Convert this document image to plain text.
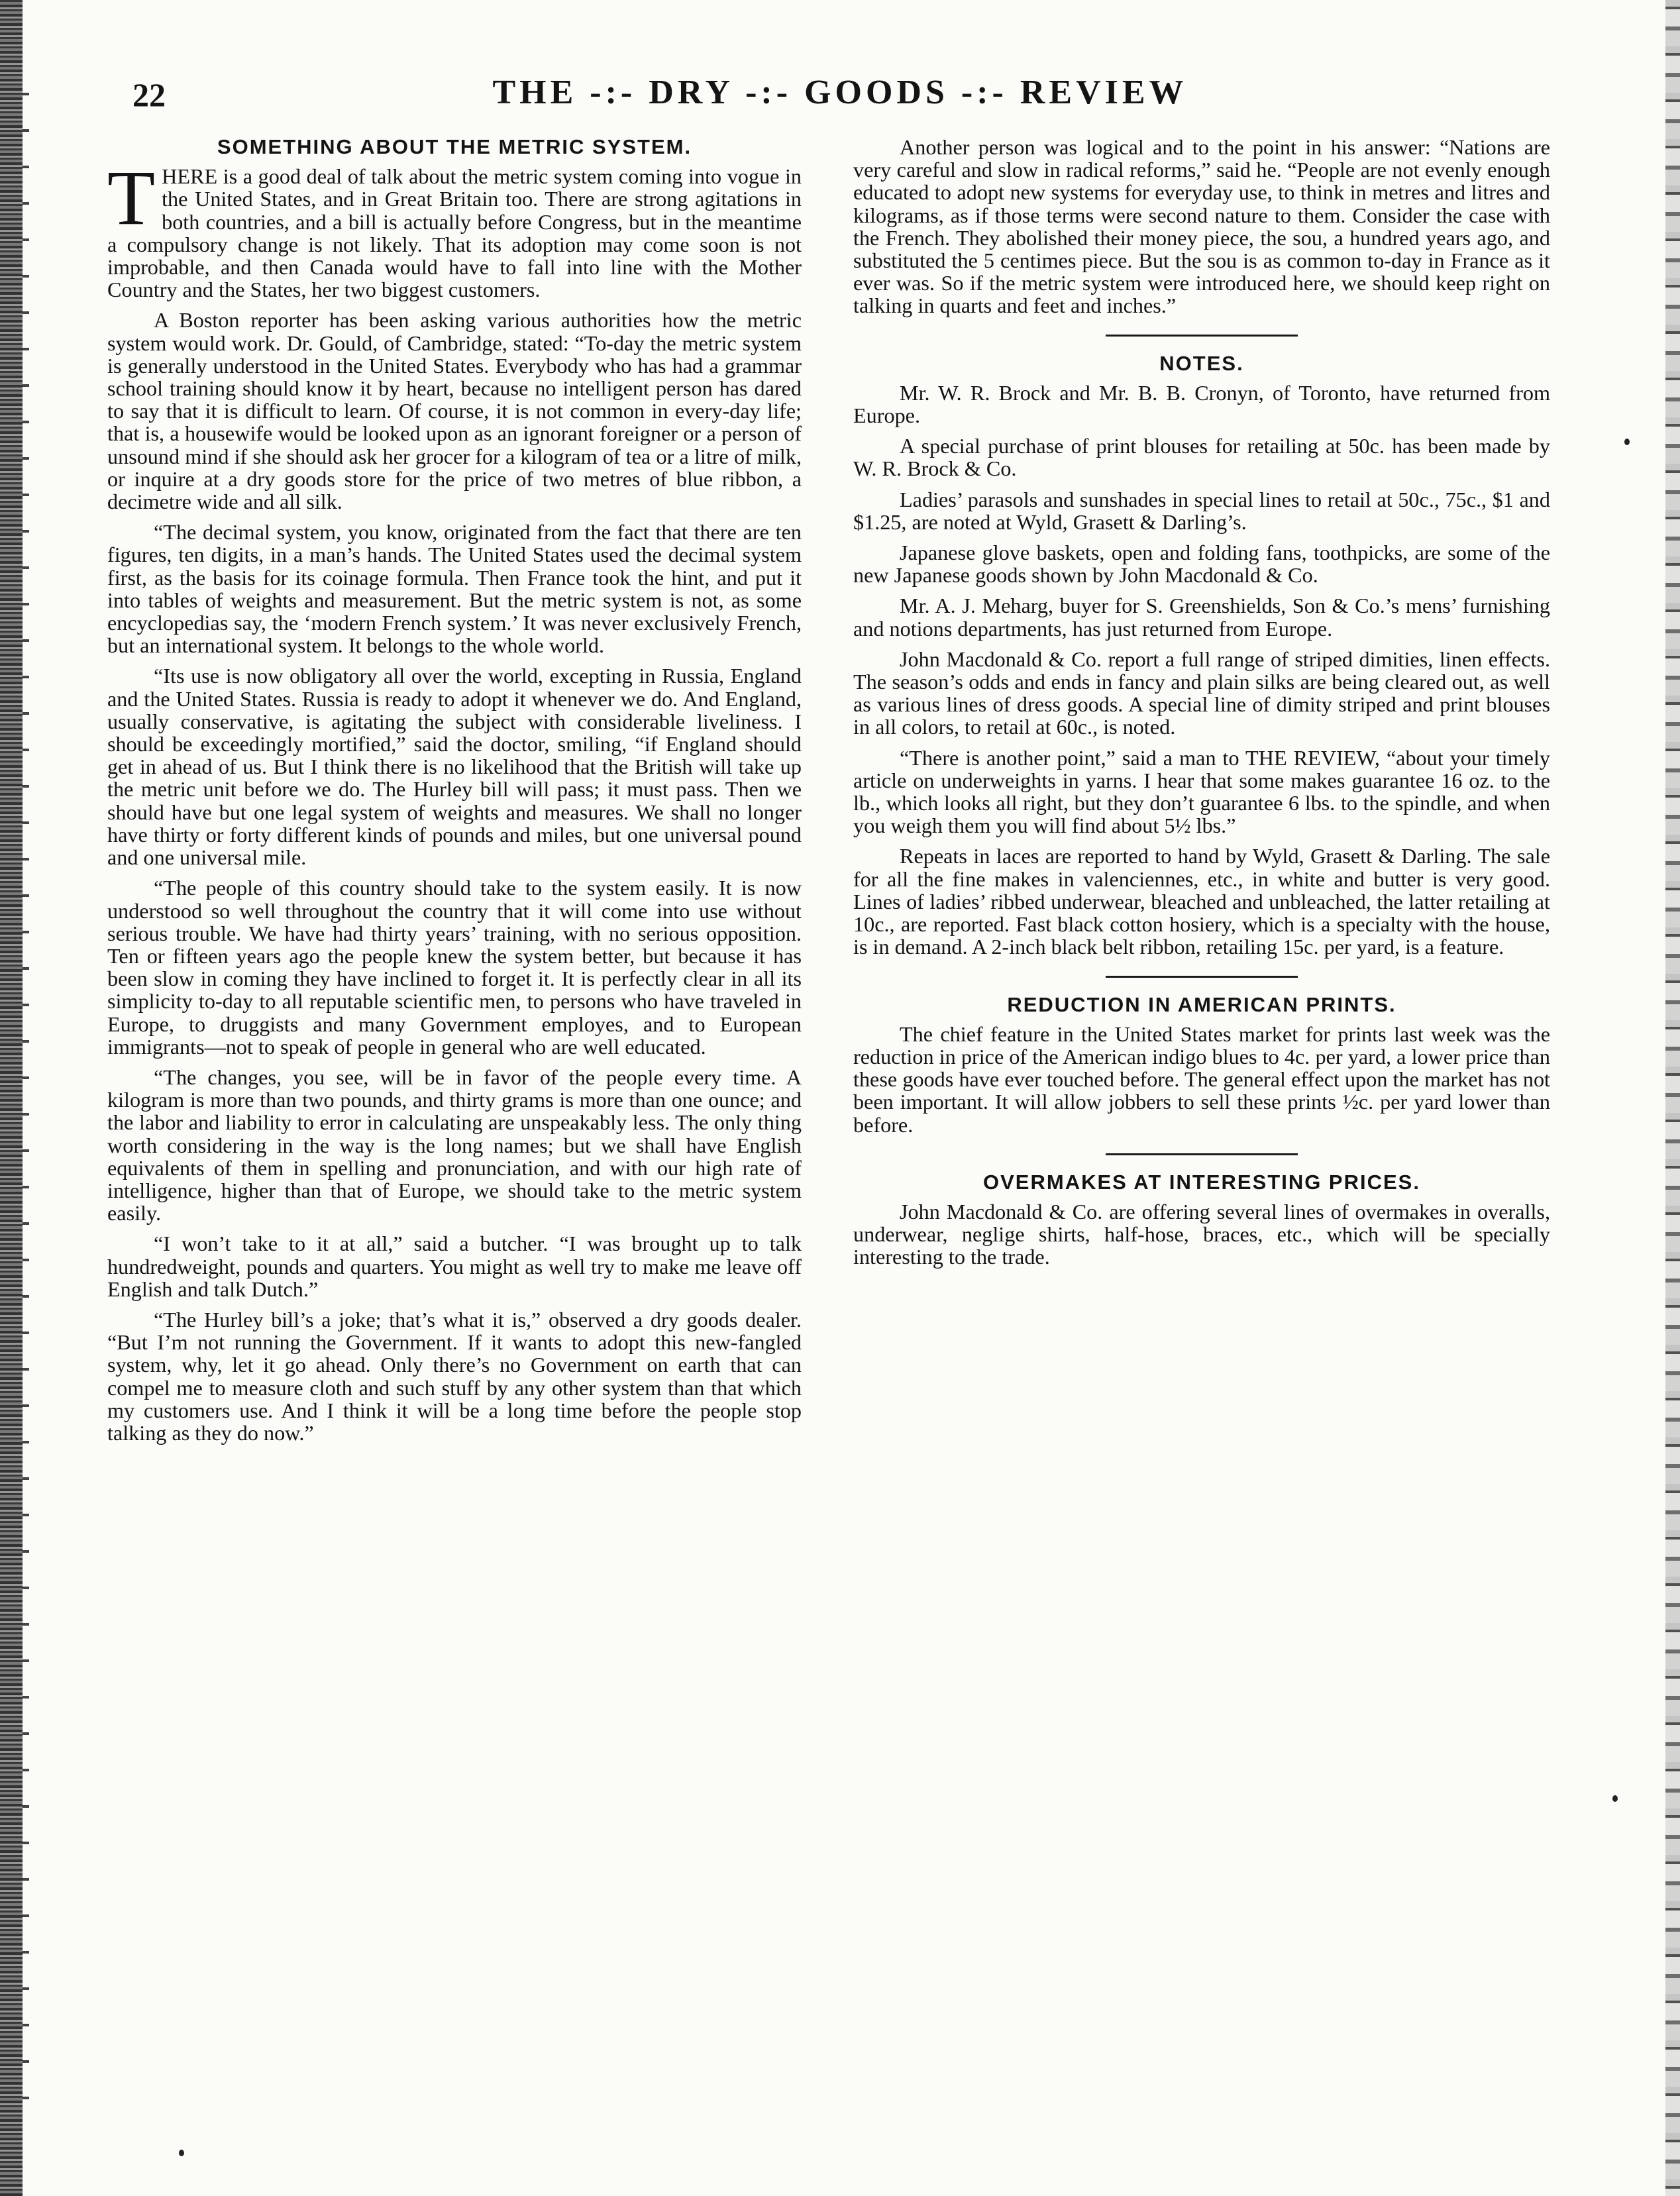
22	THE -:- DRY -:- GOODS -:- REVIEW
SOMETHING ABOUT THE METRIC SYSTEM.

THERE is a good deal of talk about the metric system coming into vogue in the United States, and in Great Britain too. There are strong agitations in both countries, and a bill is actually before Congress, but in the meantime a compulsory change is not likely. That its adoption may come soon is not improbable, and then Canada would have to fall into line with the Mother Country and the States, her two biggest customers.

A Boston reporter has been asking various authorities how the metric system would work. Dr. Gould, of Cambridge, stated: “To-day the metric system is generally understood in the United States. Everybody who has had a grammar school training should know it by heart, because no intelligent person has dared to say that it is difficult to learn. Of course, it is not common in every-day life; that is, a housewife would be looked upon as an ignorant foreigner or a person of unsound mind if she should ask her grocer for a kilogram of tea or a litre of milk, or inquire at a dry goods store for the price of two metres of blue ribbon, a decimetre wide and all silk.

“The decimal system, you know, originated from the fact that there are ten figures, ten digits, in a man’s hands. The United States used the decimal system first, as the basis for its coinage formula. Then France took the hint, and put it into tables of weights and measurement. But the metric system is not, as some encyclopedias say, the ‘modern French system.’ It was never exclusively French, but an international system. It belongs to the whole world.

“Its use is now obligatory all over the world, excepting in Russia, England and the United States. Russia is ready to adopt it whenever we do. And England, usually conservative, is agitating the subject with considerable liveliness. I should be exceedingly mortified,” said the doctor, smiling, “if England should get in ahead of us. But I think there is no likelihood that the British will take up the metric unit before we do. The Hurley bill will pass; it must pass. Then we should have but one legal system of weights and measures. We shall no longer have thirty or forty different kinds of pounds and miles, but one universal pound and one universal mile.

“The people of this country should take to the system easily. It is now understood so well throughout the country that it will come into use without serious trouble. We have had thirty years’ training, with no serious opposition. Ten or fifteen years ago the people knew the system better, but because it has been slow in coming they have inclined to forget it. It is perfectly clear in all its simplicity to-day to all reputable scientific men, to persons who have traveled in Europe, to druggists and many Government employes, and to European immigrants—not to speak of people in general who are well educated.

“The changes, you see, will be in favor of the people every time. A kilogram is more than two pounds, and thirty grams is more than one ounce; and the labor and liability to error in calculating are unspeakably less. The only thing worth considering in the way is the long names; but we shall have English equivalents of them in spelling and pronunciation, and with our high rate of intelligence, higher than that of Europe, we should take to the metric system easily.

“I won’t take to it at all,” said a butcher. “I was brought up to talk hundredweight, pounds and quarters. You might as well try to make me leave off English and talk Dutch.”

“The Hurley bill’s a joke; that’s what it is,” observed a dry goods dealer. “But I’m not running the Government. If it wants to adopt this new-fangled system, why, let it go ahead. Only there’s no Government on earth that can compel me to measure cloth and such stuff by any other system than that which my customers use. And I think it will be a long time before the people stop talking as they do now.”

Another person was logical and to the point in his answer: “Nations are very careful and slow in radical reforms,” said he. “People are not evenly enough educated to adopt new systems for everyday use, to think in metres and litres and kilograms, as if those terms were second nature to them. Consider the case with the French. They abolished their money piece, the sou, a hundred years ago, and substituted the 5 centimes piece. But the sou is as common to-day in France as it ever was. So if the metric system were introduced here, we should keep right on talking in quarts and feet and inches.”

NOTES.

Mr. W. R. Brock and Mr. B. B. Cronyn, of Toronto, have returned from Europe.

A special purchase of print blouses for retailing at 50c. has been made by W. R. Brock & Co.

Ladies’ parasols and sunshades in special lines to retail at 50c., 75c., $1 and $1.25, are noted at Wyld, Grasett & Darling’s.

Japanese glove baskets, open and folding fans, toothpicks, are some of the new Japanese goods shown by John Macdonald & Co.

Mr. A. J. Meharg, buyer for S. Greenshields, Son & Co.’s mens’ furnishing and notions departments, has just returned from Europe.

John Macdonald & Co. report a full range of striped dimities, linen effects. The season’s odds and ends in fancy and plain silks are being cleared out, as well as various lines of dress goods. A special line of dimity striped and print blouses in all colors, to retail at 60c., is noted.

“There is another point,” said a man to THE REVIEW, “about your timely article on underweights in yarns. I hear that some makes guarantee 16 oz. to the lb., which looks all right, but they don’t guarantee 6 lbs. to the spindle, and when you weigh them you will find about 5½ lbs.”

Repeats in laces are reported to hand by Wyld, Grasett & Darling. The sale for all the fine makes in valenciennes, etc., in white and butter is very good. Lines of ladies’ ribbed underwear, bleached and unbleached, the latter retailing at 10c., are reported. Fast black cotton hosiery, which is a specialty with the house, is in demand. A 2-inch black belt ribbon, retailing 15c. per yard, is a feature.

REDUCTION IN AMERICAN PRINTS.

The chief feature in the United States market for prints last week was the reduction in price of the American indigo blues to 4c. per yard, a lower price than these goods have ever touched before. The general effect upon the market has not been important. It will allow jobbers to sell these prints ½c. per yard lower than before.

OVERMAKES AT INTERESTING PRICES.

John Macdonald & Co. are offering several lines of overmakes in overalls, underwear, neglige shirts, half-hose, braces, etc., which will be specially interesting to the trade.
